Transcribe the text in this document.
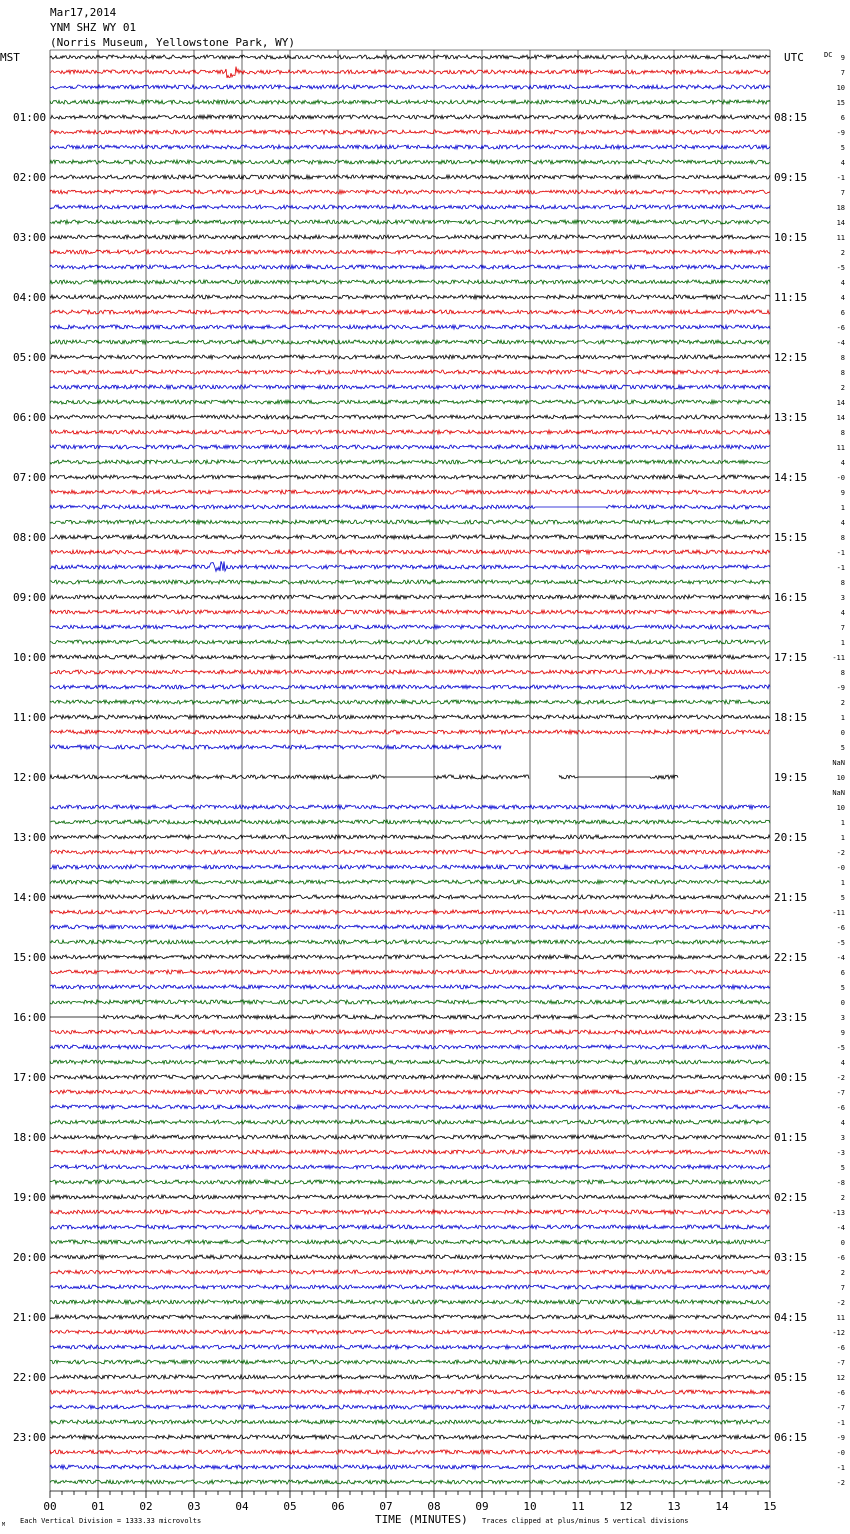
Mar17,2014
YNM SHZ WY 01
(Norris Museum, Yellowstone Park, WY)
MST	UTC	DC
01:00
02:00
03:00
04:00
05:00
06:00
07:00
08:00
09:00
10:00
11:00
12:00
13:00
14:00
15:00
16:00
17:00
18:00
19:00
20:00
21:00
22:00
23:00
08:15
09:15
10:15
11:15
12:15
13:15
14:15
15:15
16:15
17:15
18:15
19:15
20:15
21:15
22:15
23:15
00:15
01:15
02:15
03:15
04:15
05:15
06:15
9
7
10
15
6
-9
5
4
-1
7
18
14
11
2
-5
4
4
6
-6
-4
8
8
2
14
14
8
11
4
-0
9
1
4
8
-1
-1
8
3
4
7
1
-11
8
-9
2
1
0
5
NaN
10
NaN
10
1
1
-2
-0
1
5
-11
-6
-5
-4
6
5
0
3
9
-5
4
-2
-7
-6
4
3
-3
5
-8
2
-13
-4
0
-6
2
7
-2
11
-12
-6
-7
12
-6
-7
-1
-9
-0
-1
-2
00	01	02	03	04	05	06	07	08	09	10	11	12	13	14	15
TIME (MINUTES)
Each Vertical Division = 1333.33 microvolts	Traces clipped at plus/minus 5 vertical divisions
M
